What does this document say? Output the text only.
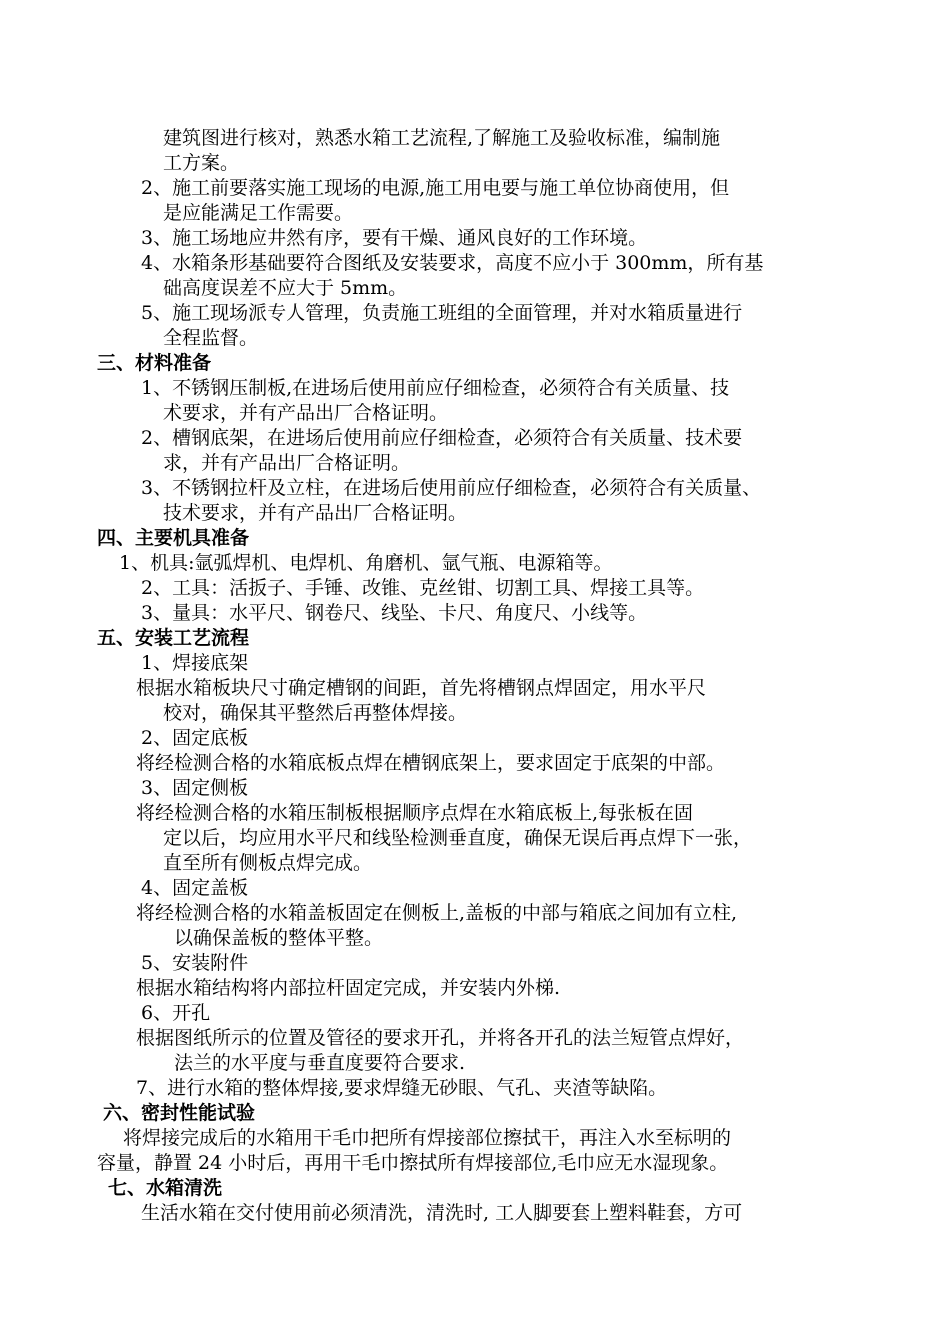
建筑图进行核对，熟悉水箱工艺流程,了解施工及验收标准，编制施
工方案。
2、施工前要落实施工现场的电源,施工用电要与施工单位协商使用，但
是应能满足工作需要。
3、施工场地应井然有序，要有干燥、通风良好的工作环境。
4、水箱条形基础要符合图纸及安装要求，高度不应小于 300mm，所有基
础高度误差不应大于 5mm。
5、施工现场派专人管理，负责施工班组的全面管理，并对水箱质量进行
全程监督。
三、材料准备
1、不锈钢压制板,在进场后使用前应仔细检查，必须符合有关质量、技
术要求，并有产品出厂合格证明。
2、槽钢底架，在进场后使用前应仔细检查，必须符合有关质量、技术要
求，并有产品出厂合格证明。
3、不锈钢拉杆及立柱，在进场后使用前应仔细检查，必须符合有关质量、
技术要求，并有产品出厂合格证明。
四、主要机具准备
1、机具:氩弧焊机、电焊机、角磨机、氩气瓶、电源箱等。
2、工具：活扳子、手锤、改锥、克丝钳、切割工具、焊接工具等。
3、量具：水平尺、钢卷尺、线坠、卡尺、角度尺、小线等。
五、安装工艺流程
1、焊接底架
根据水箱板块尺寸确定槽钢的间距，首先将槽钢点焊固定，用水平尺
校对，确保其平整然后再整体焊接。
2、固定底板
将经检测合格的水箱底板点焊在槽钢底架上，要求固定于底架的中部。
3、固定侧板
将经检测合格的水箱压制板根据顺序点焊在水箱底板上,每张板在固
定以后，均应用水平尺和线坠检测垂直度，确保无误后再点焊下一张，
直至所有侧板点焊完成。
4、固定盖板
将经检测合格的水箱盖板固定在侧板上,盖板的中部与箱底之间加有立柱,
以确保盖板的整体平整。
5、安装附件
根据水箱结构将内部拉杆固定完成，并安装内外梯.
6、开孔
根据图纸所示的位置及管径的要求开孔，并将各开孔的法兰短管点焊好，
法兰的水平度与垂直度要符合要求.
7、进行水箱的整体焊接,要求焊缝无砂眼、气孔、夹渣等缺陷。
六、密封性能试验
将焊接完成后的水箱用干毛巾把所有焊接部位擦拭干，再注入水至标明的
容量，静置 24 小时后，再用干毛巾擦拭所有焊接部位,毛巾应无水湿现象。
七、水箱清洗
生活水箱在交付使用前必须清洗，清洗时, 工人脚要套上塑料鞋套，方可
